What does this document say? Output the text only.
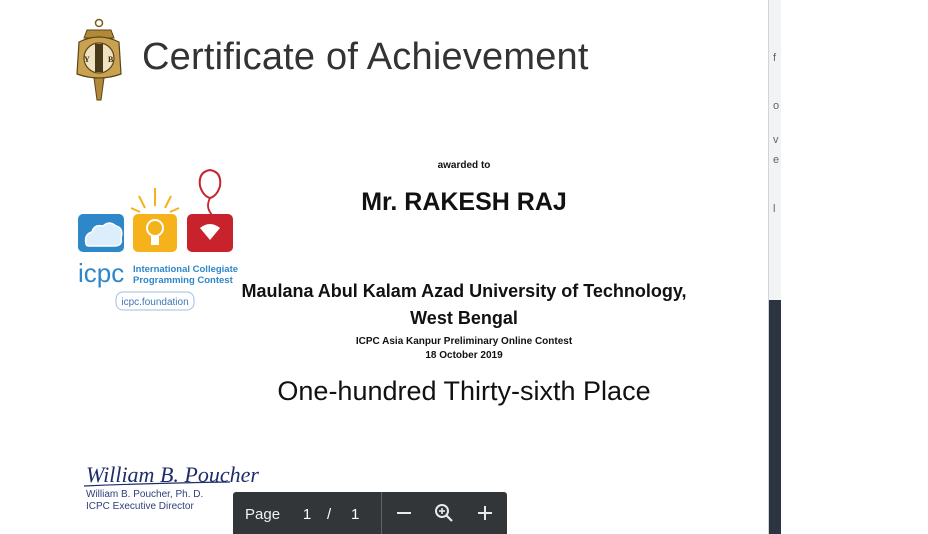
Y B Certificate of Achievement
icpc International Collegiate
Programming Contest
icpc.foundation
awarded to
Mr. RAKESH RAJ
Maulana Abul Kalam Azad University of Technology, West Bengal
ICPC Asia Kanpur Preliminary Online Contest
18 October 2019
One-hundred Thirty-sixth Place
William B. Poucher
William B. Poucher, Ph. D.
ICPC Executive Director	Page 1 / 1
f
o
v
e
l
